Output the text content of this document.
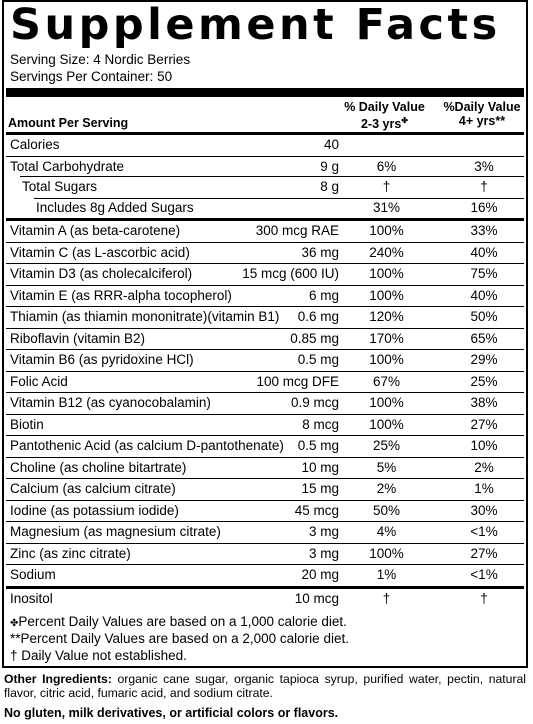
Supplement Facts
Serving Size: 4 Nordic Berries
Servings Per Container: 50
Amount Per Serving
% Daily Value
2-3 yrs✤
%Daily Value
4+ yrs**
Calories	40
Total Carbohydrate	9 g	6%	3%
Total Sugars	8 g	†	†
Includes 8g Added Sugars	31%	16%
Vitamin A (as beta-carotene)	300 mcg RAE	100%	33%
Vitamin C (as L-ascorbic acid)	36 mg	240%	40%
Vitamin D3 (as cholecalciferol)	15 mcg (600 IU)	100%	75%
Vitamin E (as RRR-alpha tocopherol)	6 mg	100%	40%
Thiamin (as thiamin mononitrate)(vitamin B1) 0.6 mg	120%	50%
Riboflavin (vitamin B2)	0.85 mg	170%	65%
Vitamin B6 (as pyridoxine HCl)	0.5 mg	100%	29%
Folic Acid	100 mcg DFE	67%	25%
Vitamin B12 (as cyanocobalamin)	0.9 mcg	100%	38%
Biotin	8 mcg	100%	27%
Pantothenic Acid (as calcium D-pantothenate) 0.5 mg	25%	10%
Choline (as choline bitartrate)	10 mg	5%	2%
Calcium (as calcium citrate)	15 mg	2%	1%
Iodine (as potassium iodide)	45 mcg	50%	30%
Magnesium (as magnesium citrate)	3 mg	4%	<1%
Zinc (as zinc citrate)	3 mg	100%	27%
Sodium	20 mg	1%	<1%
Inositol	10 mcg	†	†
✤Percent Daily Values are based on a 1,000 calorie diet.
**Percent Daily Values are based on a 2,000 calorie diet.
† Daily Value not established.
Other Ingredients: organic cane sugar, organic tapioca syrup, purified water, pectin, natural flavor, citric acid, fumaric acid, and sodium citrate.
No gluten, milk derivatives, or artificial colors or flavors.
